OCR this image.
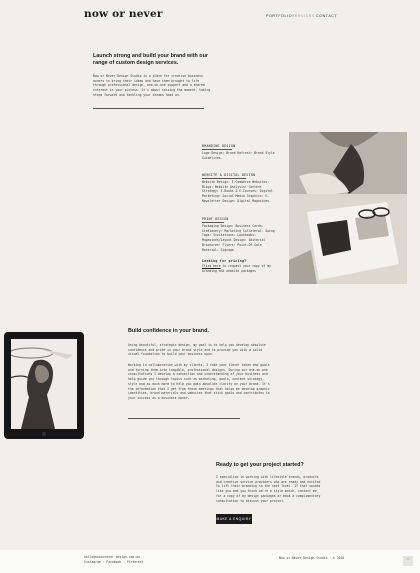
now or never	PORTFOLIO SERVICES CONTACT
Launch strong and build your brand with our range of custom design services.
Now or Never Design Studio is a place for creative business owners to bring their ideas and have them brought to life through professional design, one-on-one support and a shared interest in your success. It's about seizing the moment, taking steps forward and tackling your dreams head on.
BRANDING DESIGN
Logo Design: Brand Refresh: Brand Style Guidelines.
WEBSITE & DIGITAL DESIGN
Website Design: E-Commerce Websites: Blogs: Website Analysis: Content Strategy: E-Books & E-Courses: Digital Marketing: Social Media Graphics: E-Newsletter Design: Digital Magazines.
PRINT DESIGN
Packaging Design: Business Cards: Stationery: Marketing Collateral: Swing Tags: Invitations: Lookbooks: Magazines/Layout Design: Editorial Brochures: Flyers: Point-Of-Sale Material: Signage.
Looking for pricing?
Click here to request your copy of my branding and website packages
Build confidence in your brand.
Using beautiful, strategic design, my goal is to help you develop absolute confidence and pride in your brand style and to provide you with a solid visual foundation to build your business upon.
Working in collaboration with my clients, I take your clever ideas and goals and turning them into tangible, professional designs. During our one-on-one consultations I develop a connection and understanding of your business and help guide you through topics such as marketing, goals, content strategy, style and so much more to help you gain absolute clarity on your brand. It's the information that I get from these meetings that helps me develop graphic identities, brand materials and websites that stick goals and contributes to your success as a business owner.
Ready to get your project started?
I specialise in working with lifestyle brands, products and creative service providers who are ready and excited to lift their branding to the next level. If that sounds like you and you think we're a style match, contact me for a copy of my design packages or book a complimentary consultation to discuss your project.
MAKE A ENQUIRY
hello@nowornever design.com.au
Instagram · Facebook · Pinterest
Now or Never Design Studio · © 2018	^
